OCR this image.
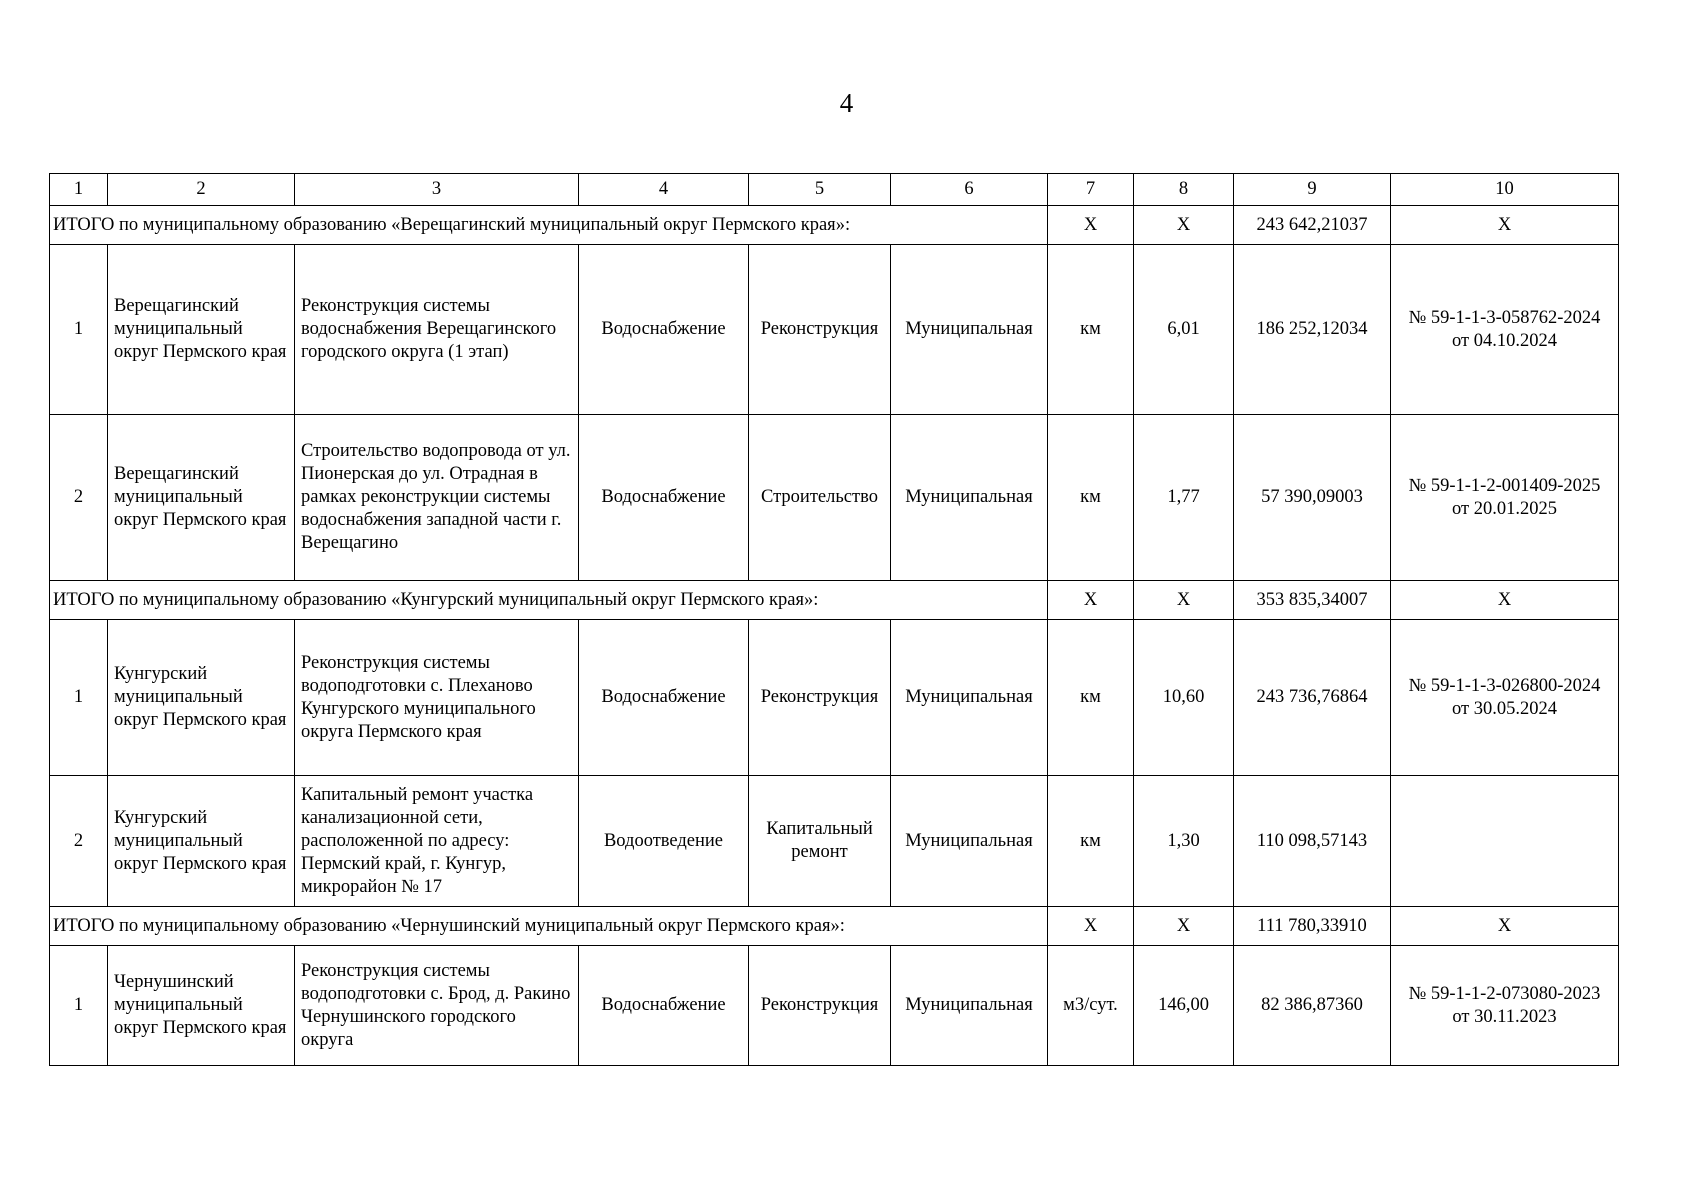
4
1	2	3	4	5	6	7	8	9	10
ИТОГО по муниципальному образованию «Верещагинский муниципальный округ Пермского края»:						X	X	243 642,21037	X
1	Верещагинский муниципальный округ Пермского края	Реконструкция системы водоснабжения Верещагинского городского округа (1 этап)	Водоснабжение	Реконструкция	Муниципальная	км	6,01	186 252,12034	№ 59-1-1-3-058762-2024
от 04.10.2024

2	Верещагинский муниципальный округ Пермского края	Строительство водопровода от ул. Пионерская до ул. Отрадная в рамках реконструкции системы водоснабжения западной части г. Верещагино	Водоснабжение	Строительство	Муниципальная	км	1,77	57 390,09003	№ 59-1-1-2-001409-2025
от 20.01.2025

ИТОГО по муниципальному образованию «Кунгурский муниципальный округ Пермского края»:						X	X	353 835,34007	X
1	Кунгурский муниципальный округ Пермского края	Реконструкция системы водоподготовки с. Плеханово Кунгурского муниципального округа Пермского края	Водоснабжение	Реконструкция	Муниципальная	км	10,60	243 736,76864	№ 59-1-1-3-026800-2024
от 30.05.2024

2	Кунгурский муниципальный округ Пермского края	Капитальный ремонт участка канализационной сети, расположенной по адресу: Пермский край, г. Кунгур, микрорайон № 17	Водоотведение	Капитальный ремонт	Муниципальная	км	1,30	110 098,57143	

ИТОГО по муниципальному образованию «Чернушинский муниципальный округ Пермского края»:						X	X	111 780,33910	X
1	Чернушинский муниципальный округ Пермского края	Реконструкция системы водоподготовки с. Брод, д. Ракино Чернушинского городского округа	Водоснабжение	Реконструкция	Муниципальная	м3/сут.	146,00	82 386,87360	№ 59-1-1-2-073080-2023
от 30.11.2023
